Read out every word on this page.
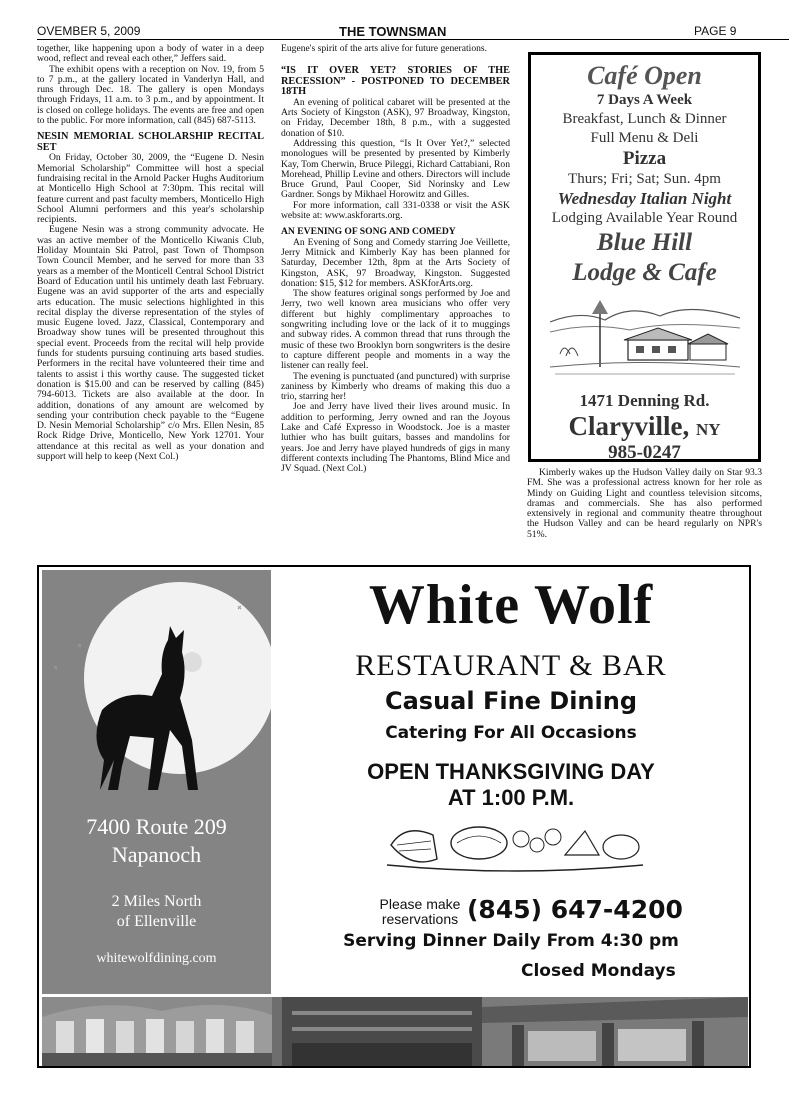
OVEMBER 5, 2009	THE TOWNSMAN	PAGE 9

together, like happening upon a body of water in a deep wood, reflect and reveal each other,” Jeffers said.

The exhibit opens with a reception on Nov. 19, from 5 to 7 p.m., at the gallery located in Vanderlyn Hall, and runs through Dec. 18. The gallery is open Mondays through Fridays, 11 a.m. to 3 p.m., and by appointment. It is closed on college holidays. The events are free and open to the public. For more information, call (845) 687-5113.

NESIN MEMORIAL SCHOLARSHIP RECITAL SET

On Friday, October 30, 2009, the “Eugene D. Nesin Memorial Scholarship” Committee will host a special fundraising recital in the Arnold Packer Hughs Auditorium at Monticello High School at 7:30pm. This recital will feature current and past faculty members, Monticello High School Alumni performers and this year's scholarship recipients.

Eugene Nesin was a strong community advocate. He was an active member of the Monticello Kiwanis Club, Holiday Mountain Ski Patrol, past Town of Thompson Town Council Member, and he served for more than 33 years as a member of the Monticell Central School District Board of Education until his untimely death last February. Eugene was an avid supporter of the arts and especially arts education. The music selections highlighted in this recital display the diverse representation of the styles of music Eugene loved. Jazz, Classical, Contemporary and Broadway show tunes will be presented throughout this special event. Proceeds from the recital will help provide funds for students pursuing continuing arts based studies. Performers in the recital have volunteered their time and talents to assist i this worthy cause. The suggested ticket donation is $15.00 and can be reserved by calling (845) 794-6013. Tickets are also available at the door. In addition, donations of any amount are welcomed by sending your contribution check payable to the “Eugene D. Nesin Memorial Scholarship” c/o Mrs. Ellen Nesin, 85 Rock Ridge Drive, Monticello, New York 12701. Your attendance at this recital as well as your donation and support will help to keep (Next Col.)

Eugene's spirit of the arts alive for future generations.

“IS IT OVER YET? STORIES OF THE RECESSION” - POSTPONED TO DECEMBER 18TH

An evening of political cabaret will be presented at the Arts Society of Kingston (ASK), 97 Broadway, Kingston, on Friday, December 18th, 8 p.m., with a suggested donation of $10.

Addressing this question, “Is It Over Yet?,” selected monologues will be presented by presented by Kimberly Kay, Tom Cherwin, Bruce Pileggi, Richard Cattabiani, Ron Morehead, Phillip Levine and others. Directors will include Bruce Grund, Paul Cooper, Sid Norinsky and Lew Gardner. Songs by Mikhael Horowitz and Gilles.

For more information, call 331-0338 or visit the ASK website at: www.askforarts.org.

AN EVENING OF SONG AND COMEDY

An Evening of Song and Comedy starring Joe Veillette, Jerry Mitnick and Kimberly Kay has been planned for Saturday, December 12th, 8pm at the Arts Society of Kingston, ASK, 97 Broadway, Kingston. Suggested donation: $15, $12 for members. ASKforArts.org.

The show features original songs performed by Joe and Jerry, two well known area musicians who offer very different but highly complimentary approaches to songwriting including love or the lack of it to muggings and subway rides. A common thread that runs through the music of these two Brooklyn born songwriters is the desire to capture different people and moments in a way the listener can really feel.

The evening is punctuated (and punctured) with surprise zaniness by Kimberly who dreams of making this duo a trio, starring her!

Joe and Jerry have lived their lives around music. In addition to performing, Jerry owned and ran the Joyous Lake and Café Expresso in Woodstock. Joe is a master luthier who has built guitars, basses and mandolins for years. Joe and Jerry have played hundreds of gigs in many different contexts including The Phantoms, Blind Mice and JV Squad. (Next Col.)

Café Open
7 Days A Week
Breakfast, Lunch & Dinner
Full Menu & Deli
Pizza
Thurs; Fri; Sat; Sun. 4pm
Wednesday Italian Night
Lodging Available Year Round
Blue Hill
Lodge & Cafe
1471 Denning Rd.
Claryville, NY
985-0247

Kimberly wakes up the Hudson Valley daily on Star 93.3 FM. She was a professional actress known for her role as Mindy on Guiding Light and countless television sitcoms, dramas and commercials. She has also performed extensively in regional and community theatre throughout the Hudson Valley and can be heard regularly on NPR's 51%.

7400 Route 209
Napanoch
2 Miles North
of Ellenville
whitewolfdining.com
White Wolf
RESTAURANT & BAR
Casual Fine Dining
Catering For All Occasions
OPEN THANKSGIVING DAY
AT 1:00 P.M.
Please make
reservations (845) 647-4200
Serving Dinner Daily From 4:30 pm
Closed Mondays
